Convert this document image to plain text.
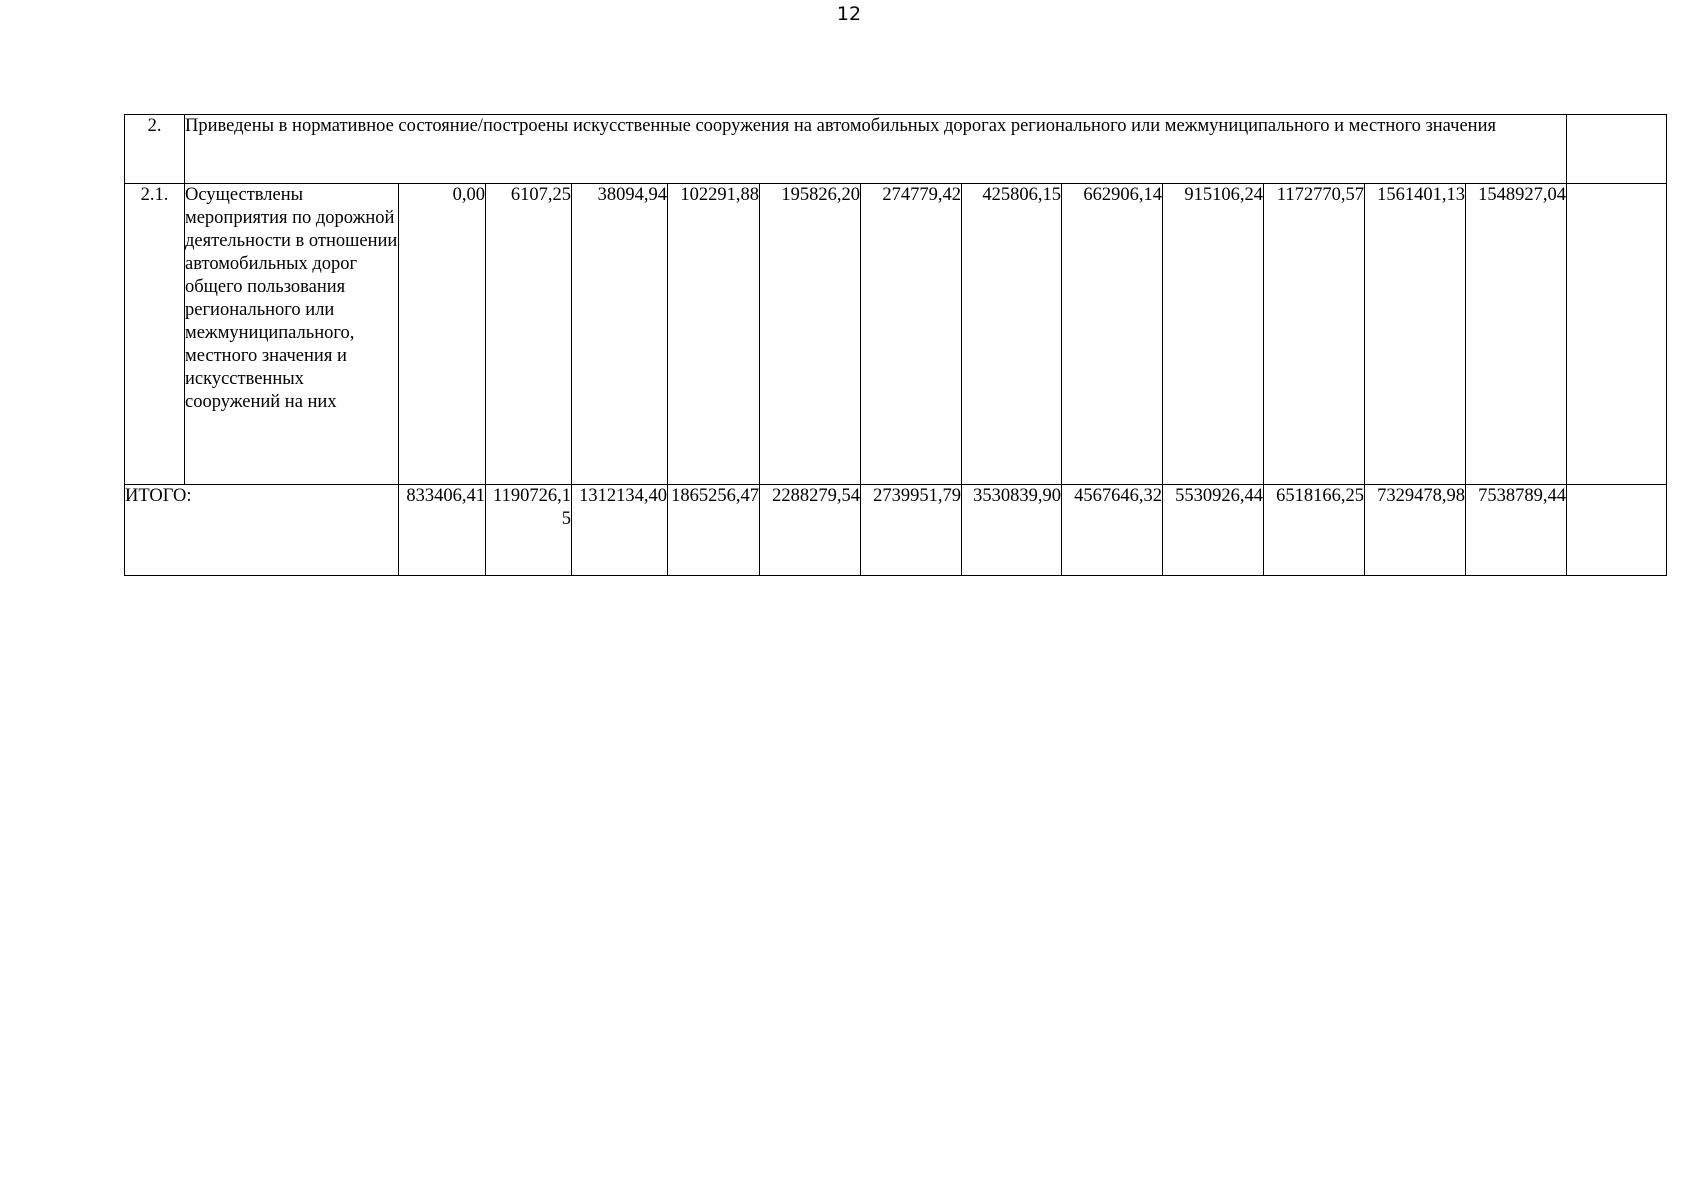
12
2.	Приведены в нормативное состояние/построены искусственные сооружения на автомобильных дорогах регионального или межмуниципального и местного значения													
2.1.	Осуществлены мероприятия по дорожной деятельности в отношении автомобильных дорог общего пользования регионального или межмуниципального, местного значения и искусственных сооружений на них	0,00	6107,25	38094,94	102291,88	195826,20	274779,42	425806,15	662906,14	915106,24	1172770,57	1561401,13	1548927,04	
ИТОГО:		833406,41	1190726,15	1312134,40	1865256,47	2288279,54	2739951,79	3530839,90	4567646,32	5530926,44	6518166,25	7329478,98	7538789,44	
